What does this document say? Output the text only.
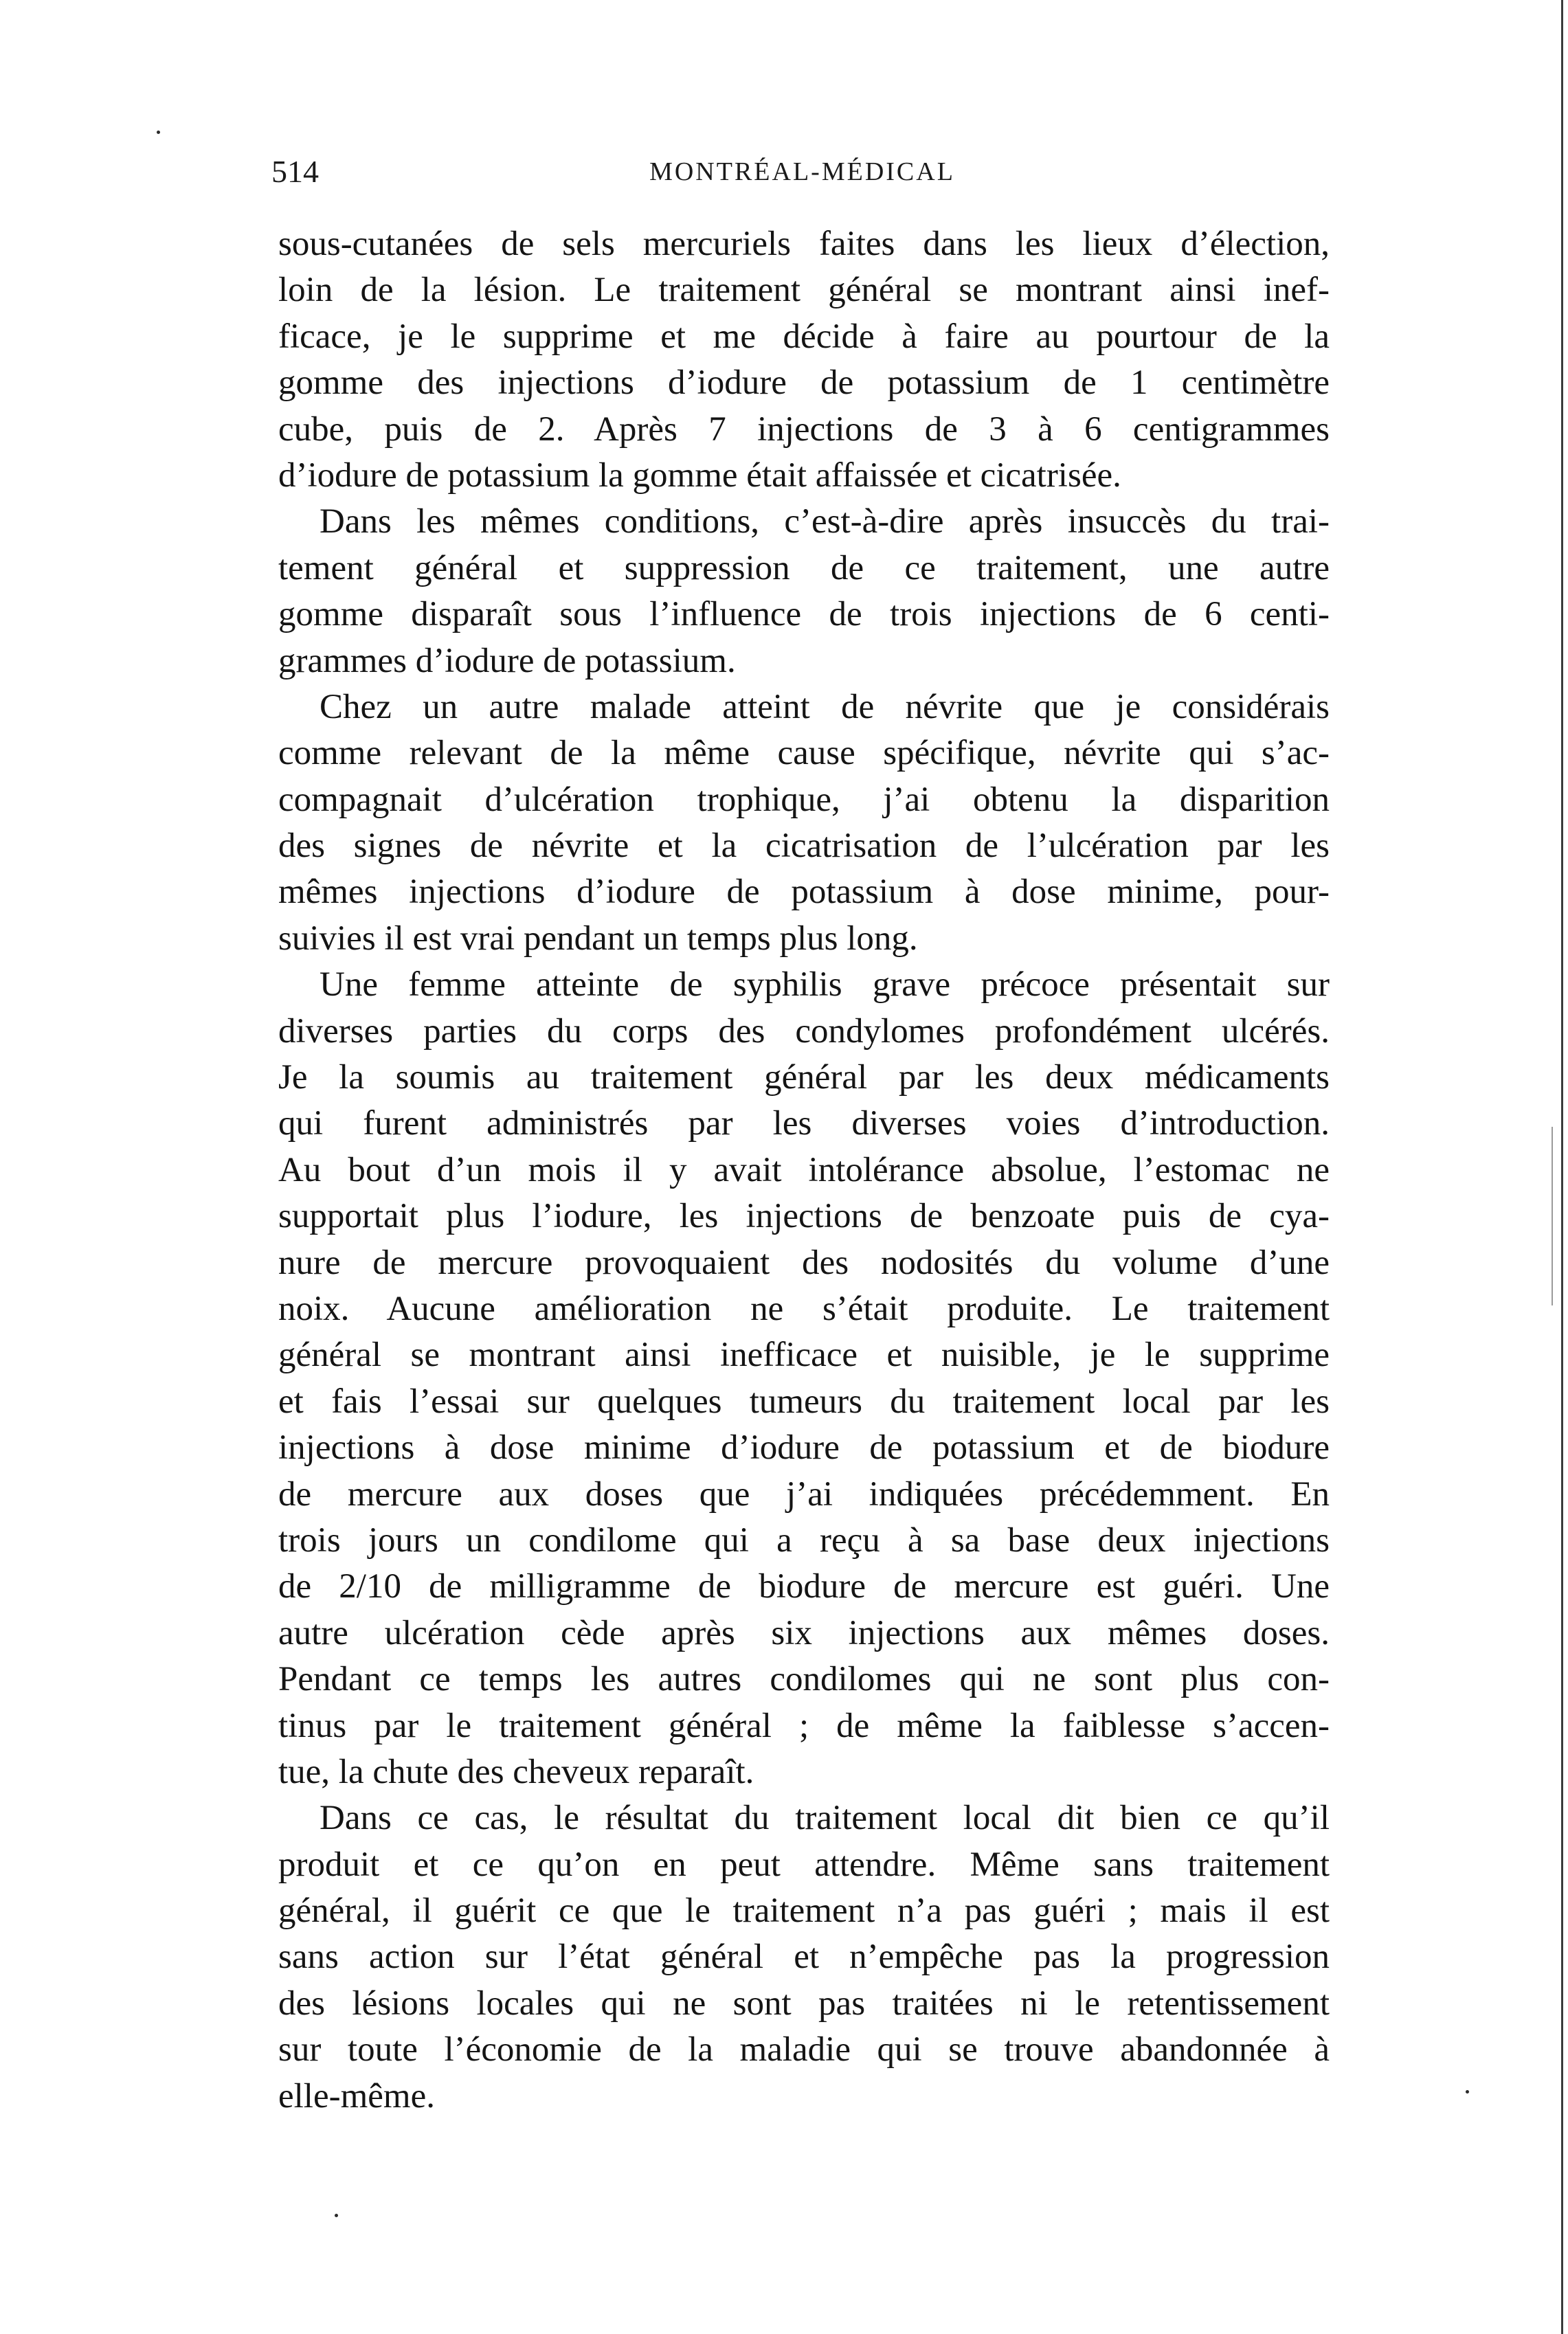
514	MONTRÉAL-MÉDICAL
sous-cutanées de sels mercuriels faites dans les lieux d’élection,
loin de la lésion. Le traitement général se montrant ainsi inef-
ficace, je le supprime et me décide à faire au pourtour de la
gomme des injections d’iodure de potassium de 1 centimètre
cube, puis de 2. Après 7 injections de 3 à 6 centigrammes
d’iodure de potassium la gomme était affaissée et cicatrisée.
Dans les mêmes conditions, c’est-à-dire après insuccès du trai-
tement général et suppression de ce traitement, une autre
gomme disparaît sous l’influence de trois injections de 6 centi-
grammes d’iodure de potassium.
Chez un autre malade atteint de névrite que je considérais
comme relevant de la même cause spécifique, névrite qui s’ac-
compagnait d’ulcération trophique, j’ai obtenu la disparition
des signes de névrite et la cicatrisation de l’ulcération par les
mêmes injections d’iodure de potassium à dose minime, pour-
suivies il est vrai pendant un temps plus long.
Une femme atteinte de syphilis grave précoce présentait sur
diverses parties du corps des condylomes profondément ulcérés.
Je la soumis au traitement général par les deux médicaments
qui furent administrés par les diverses voies d’introduction.
Au bout d’un mois il y avait intolérance absolue, l’estomac ne
supportait plus l’iodure, les injections de benzoate puis de cya-
nure de mercure provoquaient des nodosités du volume d’une
noix. Aucune amélioration ne s’était produite. Le traitement
général se montrant ainsi inefficace et nuisible, je le supprime
et fais l’essai sur quelques tumeurs du traitement local par les
injections à dose minime d’iodure de potassium et de biodure
de mercure aux doses que j’ai indiquées précédemment. En
trois jours un condilome qui a reçu à sa base deux injections
de 2/10 de milligramme de biodure de mercure est guéri. Une
autre ulcération cède après six injections aux mêmes doses.
Pendant ce temps les autres condilomes qui ne sont plus con-
tinus par le traitement général ; de même la faiblesse s’accen-
tue, la chute des cheveux reparaît.
Dans ce cas, le résultat du traitement local dit bien ce qu’il
produit et ce qu’on en peut attendre. Même sans traitement
général, il guérit ce que le traitement n’a pas guéri ; mais il est
sans action sur l’état général et n’empêche pas la progression
des lésions locales qui ne sont pas traitées ni le retentissement
sur toute l’économie de la maladie qui se trouve abandonnée à
elle-même.
